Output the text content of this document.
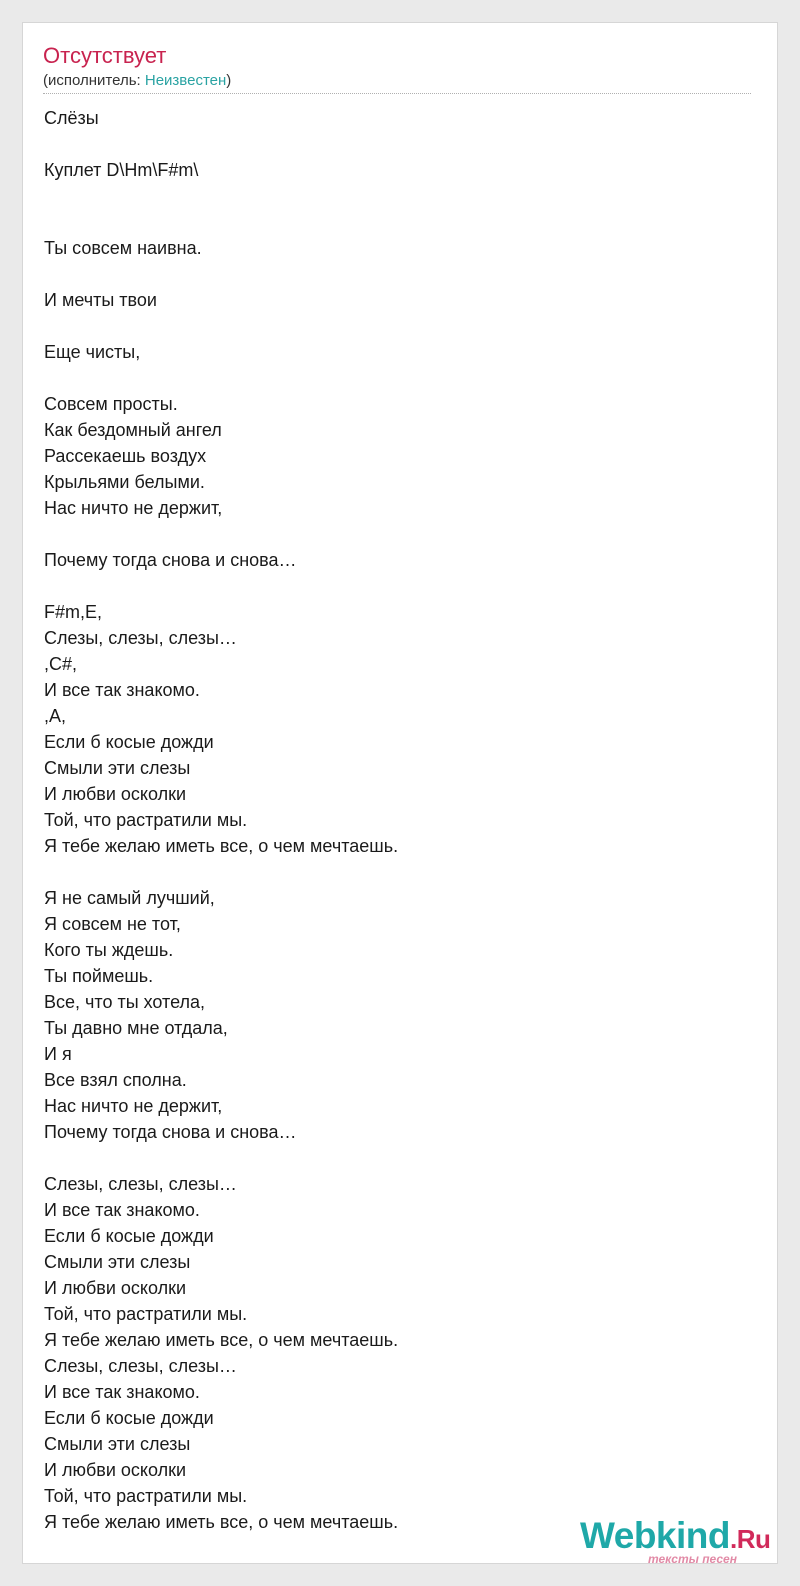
Отсутствует
(исполнитель: Неизвестен)
Слёзы
Куплет D\Hm\F#m\
Ты совсем наивна.
И мечты твои
Еще чисты,
Совсем просты.
Как бездомный ангел
Рассекаешь воздух
Крыльями белыми.
Нас ничто не держит,
Почему тогда снова и снова…
F#m,E,
Слезы, слезы, слезы…
,C#,
И все так знакомо.
,A,
Если б косые дожди
Смыли эти слезы
И любви осколки
Той, что растратили мы.
Я тебе желаю иметь все, о чем мечтаешь.
Я не самый лучший,
Я совсем не тот,
Кого ты ждешь.
Ты поймешь.
Все, что ты хотела,
Ты давно мне отдала,
И я
Все взял сполна.
Нас ничто не держит,
Почему тогда снова и снова…
Слезы, слезы, слезы…
И все так знакомо.
Если б косые дожди
Смыли эти слезы
И любви осколки
Той, что растратили мы.
Я тебе желаю иметь все, о чем мечтаешь.
Слезы, слезы, слезы…
И все так знакомо.
Если б косые дожди
Смыли эти слезы
И любви осколки
Той, что растратили мы.
Я тебе желаю иметь все, о чем мечтаешь.	Webkind.Ru
тексты песен
